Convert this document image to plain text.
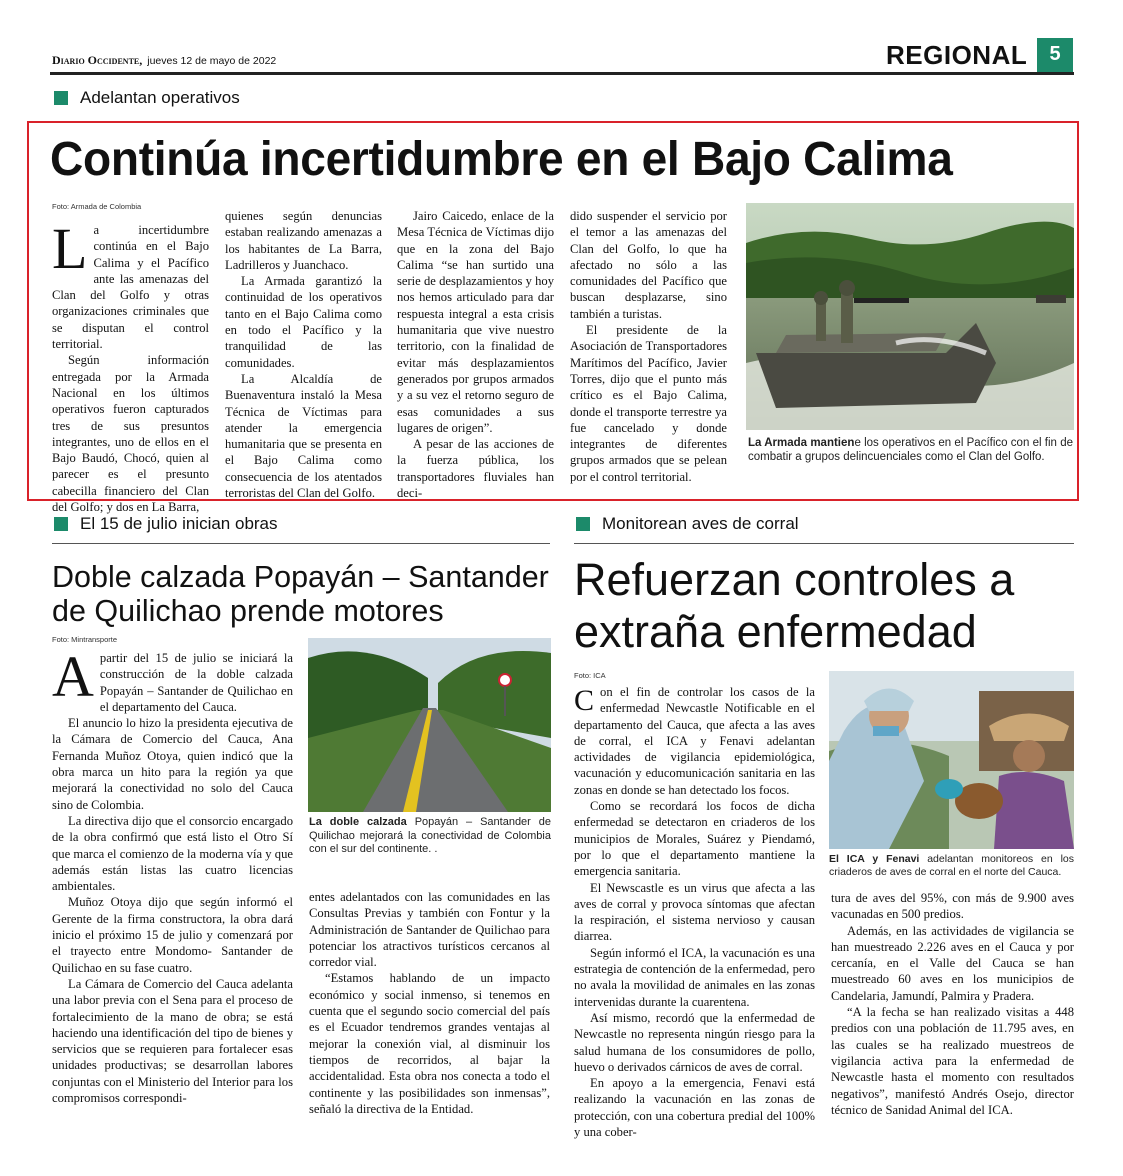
Diario Occidente, jueves 12 de mayo de 2022	REGIONAL	5
Adelantan operativos
Continúa incertidumbre en el Bajo Calima
Foto: Armada de Colombia

La incertidumbre continúa en el Bajo Calima y el Pacífico ante las amenazas del Clan del Golfo y otras organizaciones criminales que se disputan el control territorial.

Según información entregada por la Armada Nacional en los últimos operativos fueron capturados tres de sus presuntos integrantes, uno de ellos en el Bajo Baudó, Chocó, quien al parecer es el presunto cabecilla financiero del Clan del Golfo; y dos en La Barra,

quienes según denuncias estaban realizando amenazas a los habitantes de La Barra, Ladrilleros y Juanchaco.

La Armada garantizó la continuidad de los operativos tanto en el Bajo Calima como en todo el Pacífico y la tranquilidad de las comunidades.

La Alcaldía de Buenaventura instaló la Mesa Técnica de Víctimas para atender la emergencia humanitaria que se presenta en el Bajo Calima como consecuencia de los atentados terroristas del Clan del Golfo.

Jairo Caicedo, enlace de la Mesa Técnica de Víctimas dijo que en la zona del Bajo Calima “se han surtido una serie de desplazamientos y hoy nos hemos articulado para dar respuesta integral a esta crisis humanitaria que vive nuestro territorio, con la finalidad de evitar más desplazamientos generados por grupos armados y a su vez el retorno seguro de esas comunidades a sus lugares de origen”.

A pesar de las acciones de la fuerza pública, los transportadores fluviales han deci-

dido suspender el servicio por el temor a las amenazas del Clan del Golfo, lo que ha afectado no sólo a las comunidades del Pacífico que buscan desplazarse, sino también a turistas.

El presidente de la Asociación de Transportadores Marítimos del Pacífico, Javier Torres, dijo que el punto más crítico es el Bajo Calima, donde el transporte terrestre ya fue cancelado y donde integrantes de diferentes grupos armados que se pelean por el control territorial.

La Armada mantiene los operativos en el Pacífico con el fin de combatir a grupos delincuenciales como el Clan del Golfo.
El 15 de julio inician obras
Doble calzada Popayán – Santander
de Quilichao prende motores
Foto: Mintransporte

Apartir del 15 de julio se iniciará la construcción de la doble calzada Popayán – Santander de Quilichao en el departamento del Cauca.

El anuncio lo hizo la presidenta ejecutiva de la Cámara de Comercio del Cauca, Ana Fernanda Muñoz Otoya, quien indicó que la obra marca un hito para la región ya que mejorará la conectividad no solo del Cauca sino de Colombia.

La directiva dijo que el consorcio encargado de la obra confirmó que está listo el Otro Sí que marca el comienzo de la moderna vía y que además están listas las cuatro licencias ambientales.

Muñoz Otoya dijo que según informó el Gerente de la firma constructora, la obra dará inicio el próximo 15 de julio y comenzará por el trayecto entre Mondomo- Santander de Quilichao en su fase cuatro.

La Cámara de Comercio del Cauca adelanta una labor previa con el Sena para el proceso de fortalecimiento de la mano de obra; se está haciendo una identificación del tipo de bienes y servicios que se requieren para fortalecer esas unidades productivas; se desarrollan labores conjuntas con el Ministerio del Interior para los compromisos correspondi-

La doble calzada Popayán – Santander de Quilichao mejorará la conectividad de Colombia con el sur del continente. .

entes adelantados con las comunidades en las Consultas Previas y también con Fontur y la Administración de Santander de Quilichao para potenciar los atractivos turísticos cercanos al corredor vial.

“Estamos hablando de un impacto económico y social inmenso, si tenemos en cuenta que el segundo socio comercial del país es el Ecuador tendremos grandes ventajas al mejorar la conexión vial, al disminuir los tiempos de recorridos, al bajar la accidentalidad. Esta obra nos conecta a todo el continente y las posibilidades son inmensas”, señaló la directiva de la Entidad.

Monitorean aves de corral
Refuerzan controles a
extraña enfermedad
Foto: ICA

Con el fin de controlar los casos de la enfermedad Newcastle Notificable en el departamento del Cauca, que afecta a las aves de corral, el ICA y Fenavi adelantan actividades de vigilancia epidemiológica, vacunación y educomunicación sanitaria en las zonas en donde se han detectado los focos.

Como se recordará los focos de dicha enfermedad se detectaron en criaderos de los municipios de Morales, Suárez y Piendamó, por lo que el departamento mantiene la emergencia sanitaria.

El Newscastle es un virus que afecta a las aves de corral y provoca síntomas que afectan la respiración, el sistema nervioso y causan diarrea.

Según informó el ICA, la vacunación es una estrategia de contención de la enfermedad, pero no avala la movilidad de animales en las zonas intervenidas durante la cuarentena.

Así mismo, recordó que la enfermedad de Newcastle no representa ningún riesgo para la salud humana de los consumidores de pollo, huevo o derivados cárnicos de aves de corral.

En apoyo a la emergencia, Fenavi está realizando la vacunación en las zonas de protección, con una cobertura predial del 100% y una cober-

El ICA y Fenavi adelantan monitoreos en los criaderos de aves de corral en el norte del Cauca.

tura de aves del 95%, con más de 9.900 aves vacunadas en 500 predios.

Además, en las actividades de vigilancia se han muestreado 2.226 aves en el Cauca y por cercanía, en el Valle del Cauca se han muestreado 60 aves en los municipios de Candelaria, Jamundí, Palmira y Pradera.

“A la fecha se han realizado visitas a 448 predios con una población de 11.795 aves, en las cuales se ha realizado muestreos de vigilancia activa para la enfermedad de Newcastle hasta el momento con resultados negativos”, manifestó Andrés Osejo, director técnico de Sanidad Animal del ICA.
